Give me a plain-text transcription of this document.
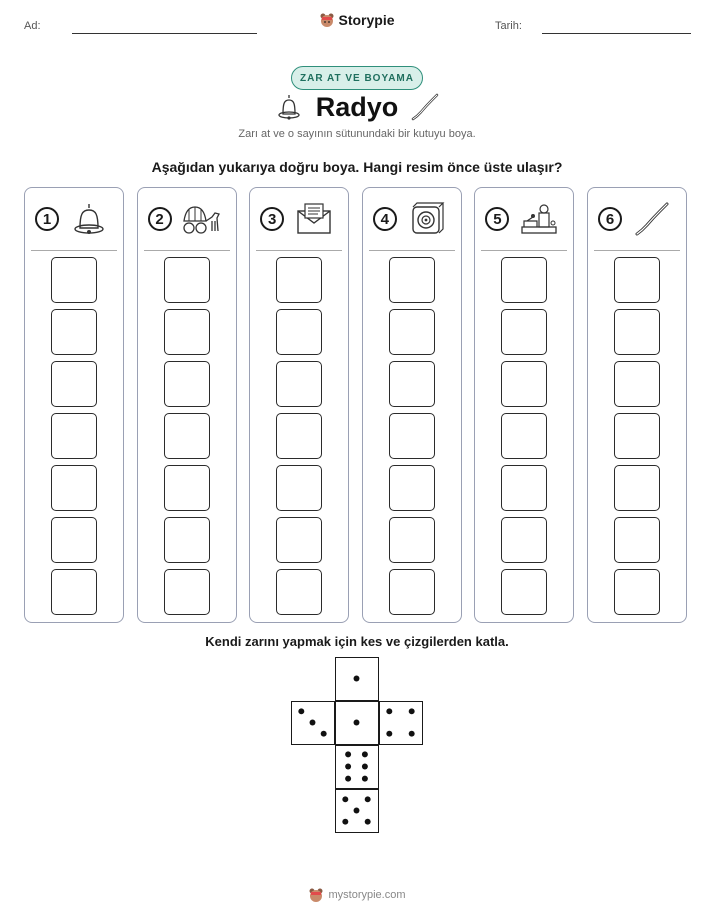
Ad:	Storypie	Tarih:
ZAR AT VE BOYAMA
Radyo
Zarı at ve o sayının sütunundaki bir kutuyu boya.
Aşağıdan yukarıya doğru boya. Hangi resim önce üste ulaşır?
1	2	3	4	5	6
Kendi zarını yapmak için kes ve çizgilerden katla.
mystorypie.com
